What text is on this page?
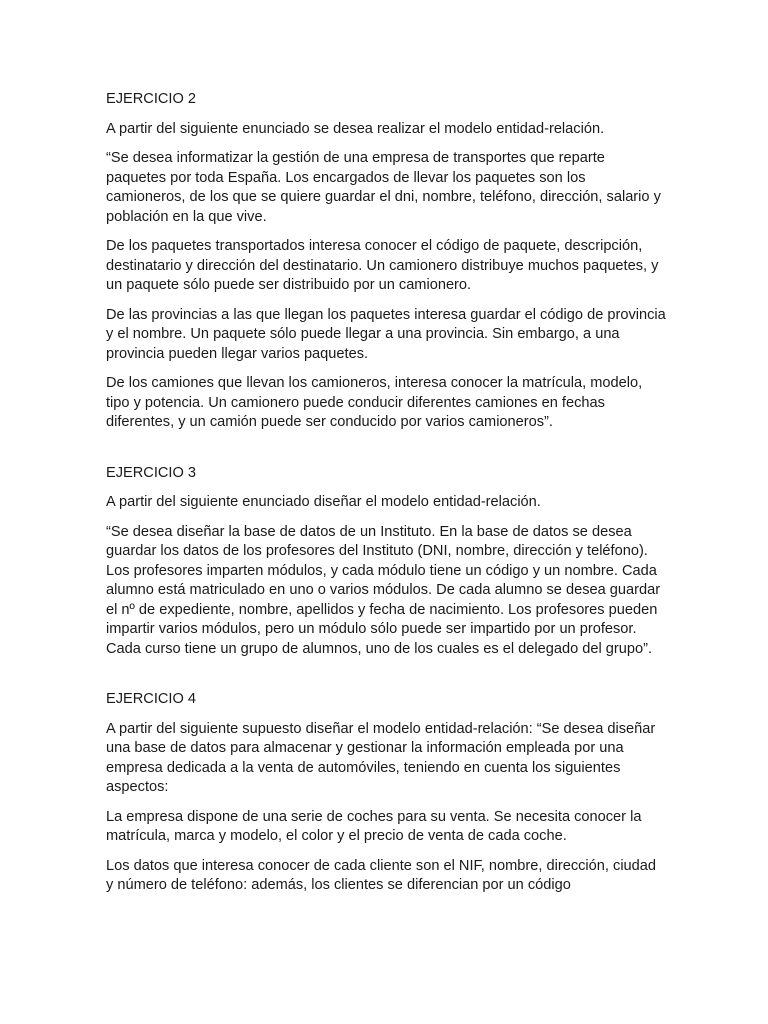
EJERCICIO 2

A partir del siguiente enunciado se desea realizar el modelo entidad-relación.

“Se desea informatizar la gestión de una empresa de transportes que reparte paquetes por toda España. Los encargados de llevar los paquetes son los camioneros, de los que se quiere guardar el dni, nombre, teléfono, dirección, salario y población en la que vive.

De los paquetes transportados interesa conocer el código de paquete, descripción, destinatario y dirección del destinatario. Un camionero distribuye muchos paquetes, y un paquete sólo puede ser distribuido por un camionero.

De las provincias a las que llegan los paquetes interesa guardar el código de provincia y el nombre. Un paquete sólo puede llegar a una provincia. Sin embargo, a una provincia pueden llegar varios paquetes.

De los camiones que llevan los camioneros, interesa conocer la matrícula, modelo, tipo y potencia. Un camionero puede conducir diferentes camiones en fechas diferentes, y un camión puede ser conducido por varios camioneros”.

EJERCICIO 3

A partir del siguiente enunciado diseñar el modelo entidad-relación.

“Se desea diseñar la base de datos de un Instituto. En la base de datos se desea guardar los datos de los profesores del Instituto (DNI, nombre, dirección y teléfono). Los profesores imparten módulos, y cada módulo tiene un código y un nombre. Cada alumno está matriculado en uno o varios módulos. De cada alumno se desea guardar el nº de expediente, nombre, apellidos y fecha de nacimiento. Los profesores pueden impartir varios módulos, pero un módulo sólo puede ser impartido por un profesor. Cada curso tiene un grupo de alumnos, uno de los cuales es el delegado del grupo”.

EJERCICIO 4

A partir del siguiente supuesto diseñar el modelo entidad-relación: “Se desea diseñar una base de datos para almacenar y gestionar la información empleada por una empresa dedicada a la venta de automóviles, teniendo en cuenta los siguientes aspectos:

La empresa dispone de una serie de coches para su venta. Se necesita conocer la matrícula, marca y modelo, el color y el precio de venta de cada coche.

Los datos que interesa conocer de cada cliente son el NIF, nombre, dirección, ciudad y número de teléfono: además, los clientes se diferencian por un código
